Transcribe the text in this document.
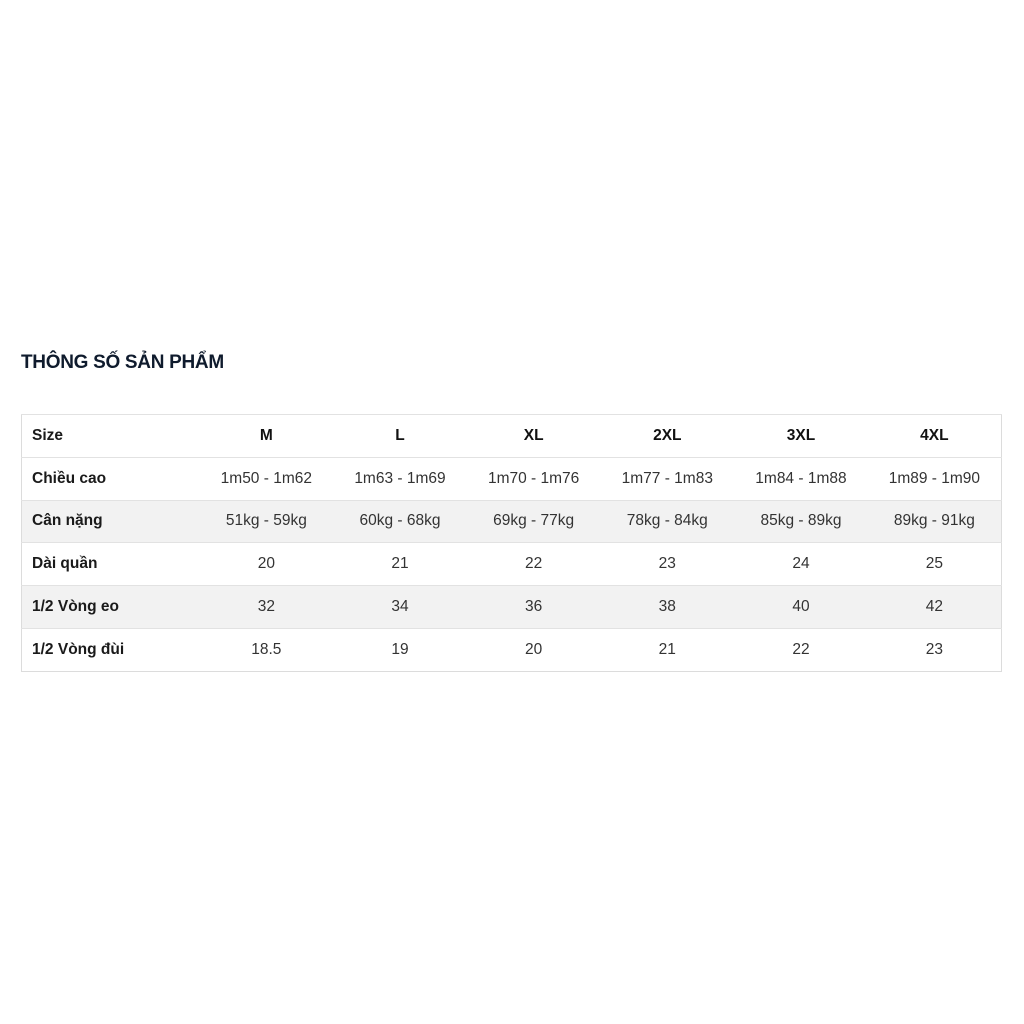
THÔNG SỐ SẢN PHẨM
Size	M	L	XL	2XL	3XL	4XL
Chiều cao	1m50 - 1m62	1m63 - 1m69	1m70 - 1m76	1m77 - 1m83	1m84 - 1m88	1m89 - 1m90
Cân nặng	51kg - 59kg	60kg - 68kg	69kg - 77kg	78kg - 84kg	85kg - 89kg	89kg - 91kg
Dài quần	20	21	22	23	24	25
1/2 Vòng eo	32	34	36	38	40	42
1/2 Vòng đùi	18.5	19	20	21	22	23
